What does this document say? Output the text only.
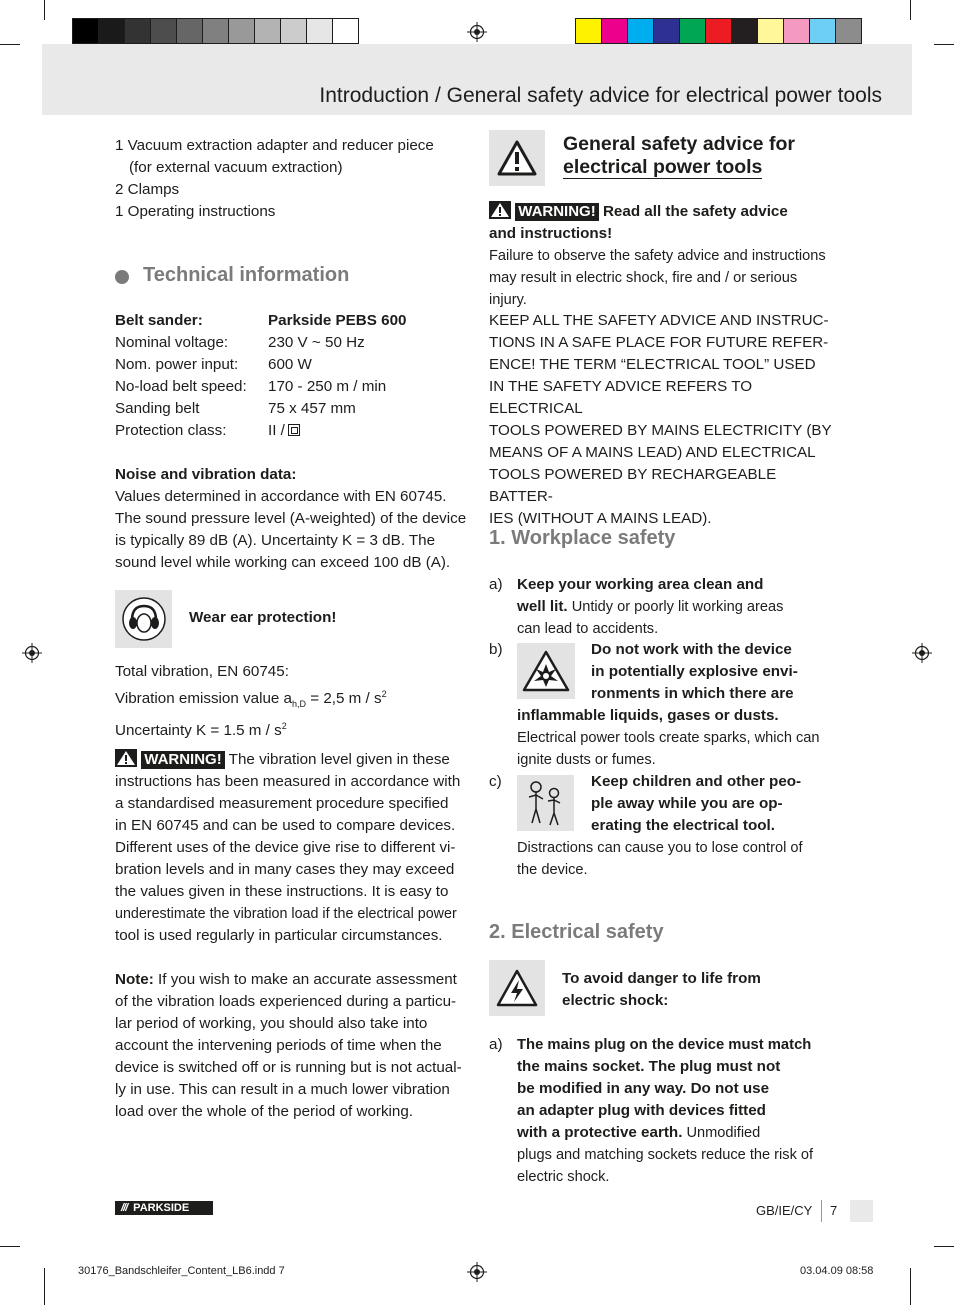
Introduction / General safety advice for electrical power tools

1 Vacuum extraction adapter and reducer piece

(for external vacuum extraction)

2 Clamps

1 Operating instructions

Technical information
Belt sander:	Parkside PEBS 600
Nominal voltage:	230 V ~ 50 Hz
Nom. power input:	600 W
No-load belt speed:	170 - 250 m / min
Sanding belt	75 x 457 mm
Protection class:	II /

Noise and vibration data:

Values determined in accordance with EN 60745.

The sound pressure level (A-weighted) of the device

is typically 89 dB (A). Uncertainty K = 3 dB. The

sound level while working can exceed 100 dB (A).

Wear ear protection!

Total vibration, EN 60745:

Vibration emission value $a_{h,D} = 2,5$ m / $s^2$

Uncertainty K = 1.5 m / $s^2$

WARNING! The vibration level given in these

instructions has been measured in accordance with

a standardised measurement procedure specified

in EN 60745 and can be used to compare devices.

Different uses of the device give rise to different vi-

bration levels and in many cases they may exceed

the values given in these instructions. It is easy to

underestimate the vibration load if the electrical power

tool is used regularly in particular circumstances.

Note: If you wish to make an accurate assessment

of the vibration loads experienced during a particu-

lar period of working, you should also take into

account the intervening periods of time when the

device is switched off or is running but is not actual-

ly in use. This can result in a much lower vibration

load over the whole of the period of working.

General safety advice for
electrical power tools

WARNING! Read all the safety advice

and instructions!

Failure to observe the safety advice and instructions

may result in electric shock, fire and / or serious injury.

KEEP ALL THE SAFETY ADVICE AND INSTRUC-

TIONS IN A SAFE PLACE FOR FUTURE REFER-

ENCE! THE TERM “ELECTRICAL TOOL” USED

IN THE SAFETY ADVICE REFERS TO ELECTRICAL

TOOLS POWERED BY MAINS ELECTRICITY (BY

MEANS OF A MAINS LEAD) AND ELECTRICAL

TOOLS POWERED BY RECHARGEABLE BATTER-

IES (WITHOUT A MAINS LEAD).

1. Workplace safety
a) Keep your working area clean and

well lit. Untidy or poorly lit working areas

can lead to accidents.

b)	Do not work with the device

in potentially explosive envi-

ronments in which there are

inflammable liquids, gases or dusts.

Electrical power tools create sparks, which can

ignite dusts or fumes.

c)	Keep children and other peo-

ple away while you are op-

erating the electrical tool.

Distractions can cause you to lose control of

the device.

2. Electrical safety

To avoid danger to life from

electric shock:

a) The mains plug on the device must match

the mains socket. The plug must not

be modified in any way. Do not use

an adapter plug with devices fitted

with a protective earth. Unmodified

plugs and matching sockets reduce the risk of

electric shock.

/// PARKSIDE	GB/IE/CY 7
30176_Bandschleifer_Content_LB6.indd 7	03.04.09 08:58
